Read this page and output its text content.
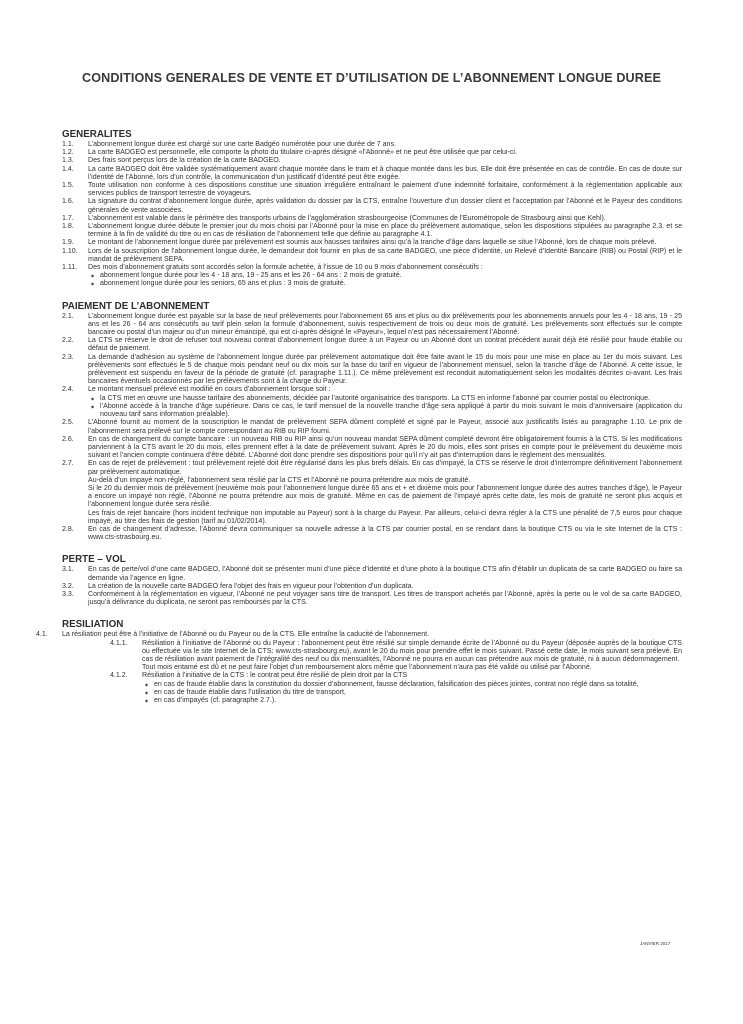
CONDITIONS GENERALES DE VENTE ET D’UTILISATION DE L’ABONNEMENT LONGUE DUREE
GENERALITES
1.1.	L’abonnement longue durée est chargé sur une carte Badgéo numérotée pour une durée de 7 ans.
1.2.	La carte BADGEO est personnelle, elle comporte la photo du titulaire ci-après désigné «l’Abonné» et ne peut être utilisée que par celui-ci.
1.3.	Des frais sont perçus lors de la création de la carte BADGEO.
1.4.	La carte BADGEO doit être validée systématiquement avant chaque montée dans le tram et à chaque montée dans les bus. Elle doit être présentée en cas de contrôle. En cas de doute sur l’identité de l’Abonné, lors d’un contrôle, la communication d’un justificatif d’identité peut être exigée.
1.5.	Toute utilisation non conforme à ces dispositions constitue une situation irrégulière entraînant le paiement d’une indemnité forfaitaire, conformément à la règlementation applicable aux services publics de transport terrestre de voyageurs.
1.6.	La signature du contrat d’abonnement longue durée, après validation du dossier par la CTS, entraîne l’ouverture d’un dossier client et l’acceptation par l’Abonné et le Payeur des conditions générales de vente associées.
1.7.	L’abonnement est valable dans le périmètre des transports urbains de l’agglomération strasbourgeoise (Communes de l’Eurométropole de Strasbourg ainsi que Kehl).
1.8.	L’abonnement longue durée débute le premier jour du mois choisi par l’Abonné pour la mise en place du prélèvement automatique, selon les dispositions stipulées au paragraphe 2.3. et se termine à la fin de validité du titre ou en cas de résiliation de l’abonnement telle que définie au paragraphe 4.1.
1.9.	Le montant de l’abonnement longue durée par prélèvement est soumis aux hausses tarifaires ainsi qu’à la tranche d’âge dans laquelle se situe l’Abonné, lors de chaque mois prélevé.
1.10.	Lors de la souscription de l’abonnement longue durée, le demandeur doit fournir en plus de sa carte BADGEO, une pièce d’identité, un Relevé d’Identité Bancaire (RIB) ou Postal (RIP) et le mandat de prélèvement SEPA.
1.11.	Des mois d’abonnement gratuits sont accordés selon la formule achetée, à l’issue de 10 ou 9 mois d’abonnement consécutifs :
◆ abonnement longue durée pour les 4 - 18 ans, 19 - 25 ans et les 26 - 64 ans : 2 mois de gratuité.
◆ abonnement longue durée pour les seniors, 65 ans et plus : 3 mois de gratuité.
PAIEMENT DE L’ABONNEMENT
2.1.	L’abonnement longue durée est payable sur la base de neuf prélèvements pour l’abonnement 65 ans et plus ou dix prélèvements pour les abonnements annuels pour les 4 - 18 ans, 19 - 25 ans et les 26 - 64 ans consécutifs au tarif plein selon la formule d’abonnement, suivis respectivement de trois ou deux mois de gratuité. Les prélèvements sont effectués sur le compte bancaire ou postal d’un majeur ou d’un mineur émancipé, qui est ci-après désigné le «Payeur», lequel n’est pas nécessairement l’Abonné.
2.2.	La CTS se réserve le droit de refuser tout nouveau contrat d’abonnement longue durée à un Payeur ou un Abonné dont un contrat précédent aurait déjà été résilié pour fraude établie ou défaut de paiement.
2.3.	La demande d’adhésion au système de l’abonnement longue durée par prélèvement automatique doit être faite avant le 15 du mois pour une mise en place au 1er du mois suivant. Les prélèvements sont effectués le 5 de chaque mois pendant neuf ou dix mois sur la base du tarif en vigueur de l’abonnement mensuel, selon la tranche d’âge de l’Abonné. A cette issue, le prélèvement est suspendu en faveur de la période de gratuité (cf. paragraphe 1.11.). Ce même prélèvement est reconduit automatiquement selon les modalités décrites ci-avant. Les frais bancaires éventuels occasionnés par les prélèvements sont à la charge du Payeur.
2.4.	Le montant mensuel prélevé est modifié en cours d’abonnement lorsque soit :
◆ la CTS met en œuvre une hausse tarifaire des abonnements, décidée par l’autorité organisatrice des transports. La CTS en informe l’abonné par courrier postal ou électronique.
◆ l’Abonné accède à la tranche d’âge supérieure. Dans ce cas, le tarif mensuel de la nouvelle tranche d’âge sera appliqué à partir du mois suivant le mois d’anniversaire (application du nouveau tarif sans information préalable).
2.5.	L’Abonné fournit au moment de la souscription le mandat de prélèvement SEPA dûment complété et signé par le Payeur, associé aux justificatifs listés au paragraphe 1.10. Le prix de l’abonnement sera prélevé sur le compte correspondant au RIB ou RIP fourni.
2.6.	En cas de changement du compte bancaire : un nouveau RIB ou RIP ainsi qu’un nouveau mandat SEPA dûment complété devront être obligatoirement fournis à la CTS. Si les modifications parviennent à la CTS avant le 20 du mois, elles prennent effet à la date de prélèvement suivant. Après le 20 du mois, elles sont prises en compte pour le prélèvement du deuxième mois suivant et l’ancien compte continuera d’être débité. L’Abonné doit donc prendre ses dispositions pour qu’il n’y ait pas d’interruption dans le règlement des mensualités.
2.7.	En cas de rejet de prélèvement : tout prélèvement rejeté doit être régularisé dans les plus brefs délais. En cas d’impayé, la CTS se réserve le droit d’interrompre définitivement l’abonnement par prélèvement automatique.
Au-delà d’un impayé non réglé, l’abonnement sera résilié par la CTS et l’Abonné ne pourra prétendre aux mois de gratuité.
Si le 20 du dernier mois de prélèvement (neuvième mois pour l’abonnement longue durée 65 ans et + et dixième mois pour l’abonnement longue durée des autres tranches d’âge), le Payeur a encore un impayé non réglé, l’Abonné ne pourra prétendre aux mois de gratuité. Même en cas de paiement de l’impayé après cette date, les mois de gratuité ne seront plus acquis et l’abonnement longue durée sera résilié.
Les frais de rejet bancaire (hors incident technique non imputable au Payeur) sont à la charge du Payeur. Par ailleurs, celui-ci devra régler à la CTS une pénalité de 7,5 euros pour chaque impayé, au titre des frais de gestion (tarif au 01/02/2014).
2.8.	En cas de changement d’adresse, l’Abonné devra communiquer sa nouvelle adresse à la CTS par courrier postal, en se rendant dans la boutique CTS ou via le site Internet de la CTS : www.cts-strasbourg.eu.
PERTE – VOL
3.1.	En cas de perte/vol d’une carte BADGEO, l’Abonné doit se présenter muni d’une pièce d’identité et d’une photo à la boutique CTS afin d’établir un duplicata de sa carte BADGEO ou faire sa demande via l’agence en ligne.
3.2.	La création de la nouvelle carte BADGEO fera l’objet des frais en vigueur pour l’obtention d’un duplicata.
3.3.	Conformément à la réglementation en vigueur, l’Abonné ne peut voyager sans titre de transport. Les titres de transport achetés par l’Abonné, après la perte ou le vol de sa carte BADGEO, jusqu’à délivrance du duplicata, ne seront pas remboursés par la CTS.
RESILIATION
4.1.	La résiliation peut être à l’initiative de l’Abonné ou du Payeur ou de la CTS. Elle entraîne la caducité de l’abonnement.
4.1.1.	Résiliation à l’initiative de l’Abonné ou du Payeur : l’abonnement peut être résilié sur simple demande écrite de l’Abonné ou du Payeur (déposée auprès de la boutique CTS ou effectuée via le site Internet de la CTS: www.cts-strasbourg.eu), avant le 20 du mois pour prendre effet le mois suivant. Passé cette date, le mois suivant sera prélevé. En cas de résiliation avant paiement de l’intégralité des neuf ou dix mensualités, l’Abonné ne pourra en aucun cas prétendre aux mois de gratuité, ni à aucun dédommagement.
Tout mois entamé est dû et ne peut faire l’objet d’un remboursement alors même que l’abonnement n’aura pas été validé ou utilisé par l’Abonné.
4.1.2.	Résiliation à l’initiative de la CTS : le contrat peut être résilié de plein droit par la CTS
◆ en cas de fraude établie dans la constitution du dossier d’abonnement, fausse déclaration, falsification des pièces jointes, contrat non réglé dans sa totalité,
◆ en cas de fraude établie dans l’utilisation du titre de transport,
◆ en cas d’impayés (cf. paragraphe 2.7.).
JANVIER 2017
